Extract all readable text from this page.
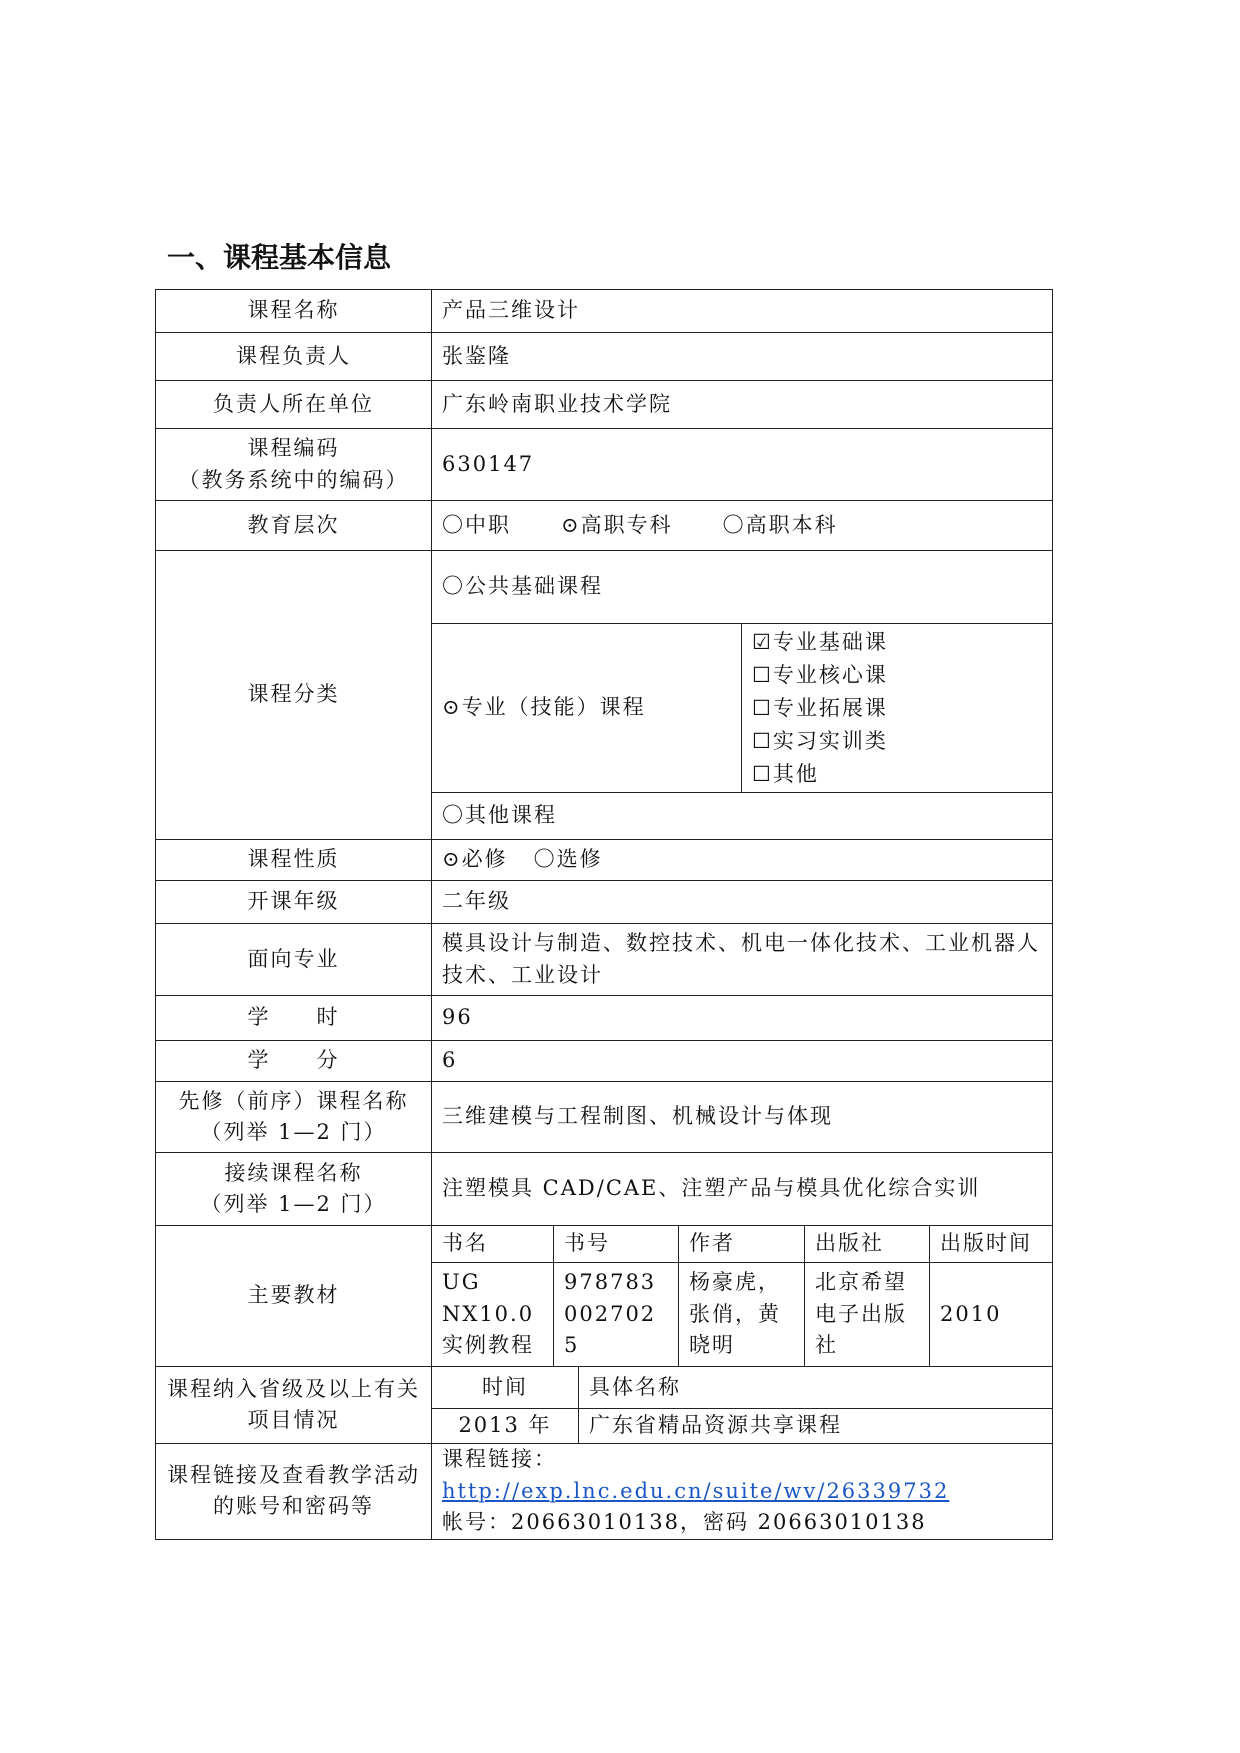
一、课程基本信息
课程名称	产品三维设计						
课程负责人	张鉴隆						
负责人所在单位	广东岭南职业技术学院						

课程编码
（教务系统中的编码）	630147						
教育层次	〇中职 ⊙高职专科 〇高职本科						
课程分类	〇公共基础课程						
	⊙专业（技能）课程				☑专业基础课
☐专业核心课
☐专业拓展课
☐实习实训类
☐其他		

	〇其他课程						
课程性质	⊙必修 〇选修						
开课年级	二年级						
面向专业	模具设计与制造、数控技术、机电一体化技术、工业机器人技术、工业设计						
学　　时	96						
学　　分	6						

先修（前序）课程名称
（列举 1—2 门）	三维建模与工程制图、机械设计与体现						

接续课程名称
（列举 1—2 门）	注塑模具 CAD/CAE、注塑产品与模具优化综合实训						
主要教材	书名	书号		作者		出版社	出版时间
	UG NX10.0 实例教程	9787830027025		杨豪虎，张俏，黄晓明		北京希望电子出版社	2010
课程纳入省级及以上有关项目情况	时间		具体名称				
	2013 年		广东省精品资源共享课程				
课程链接及查看教学活动的账号和密码等	课程链接：http://exp.lnc.edu.cn/suite/wv/26339732
帐号：20663010138，密码 20663010138						
